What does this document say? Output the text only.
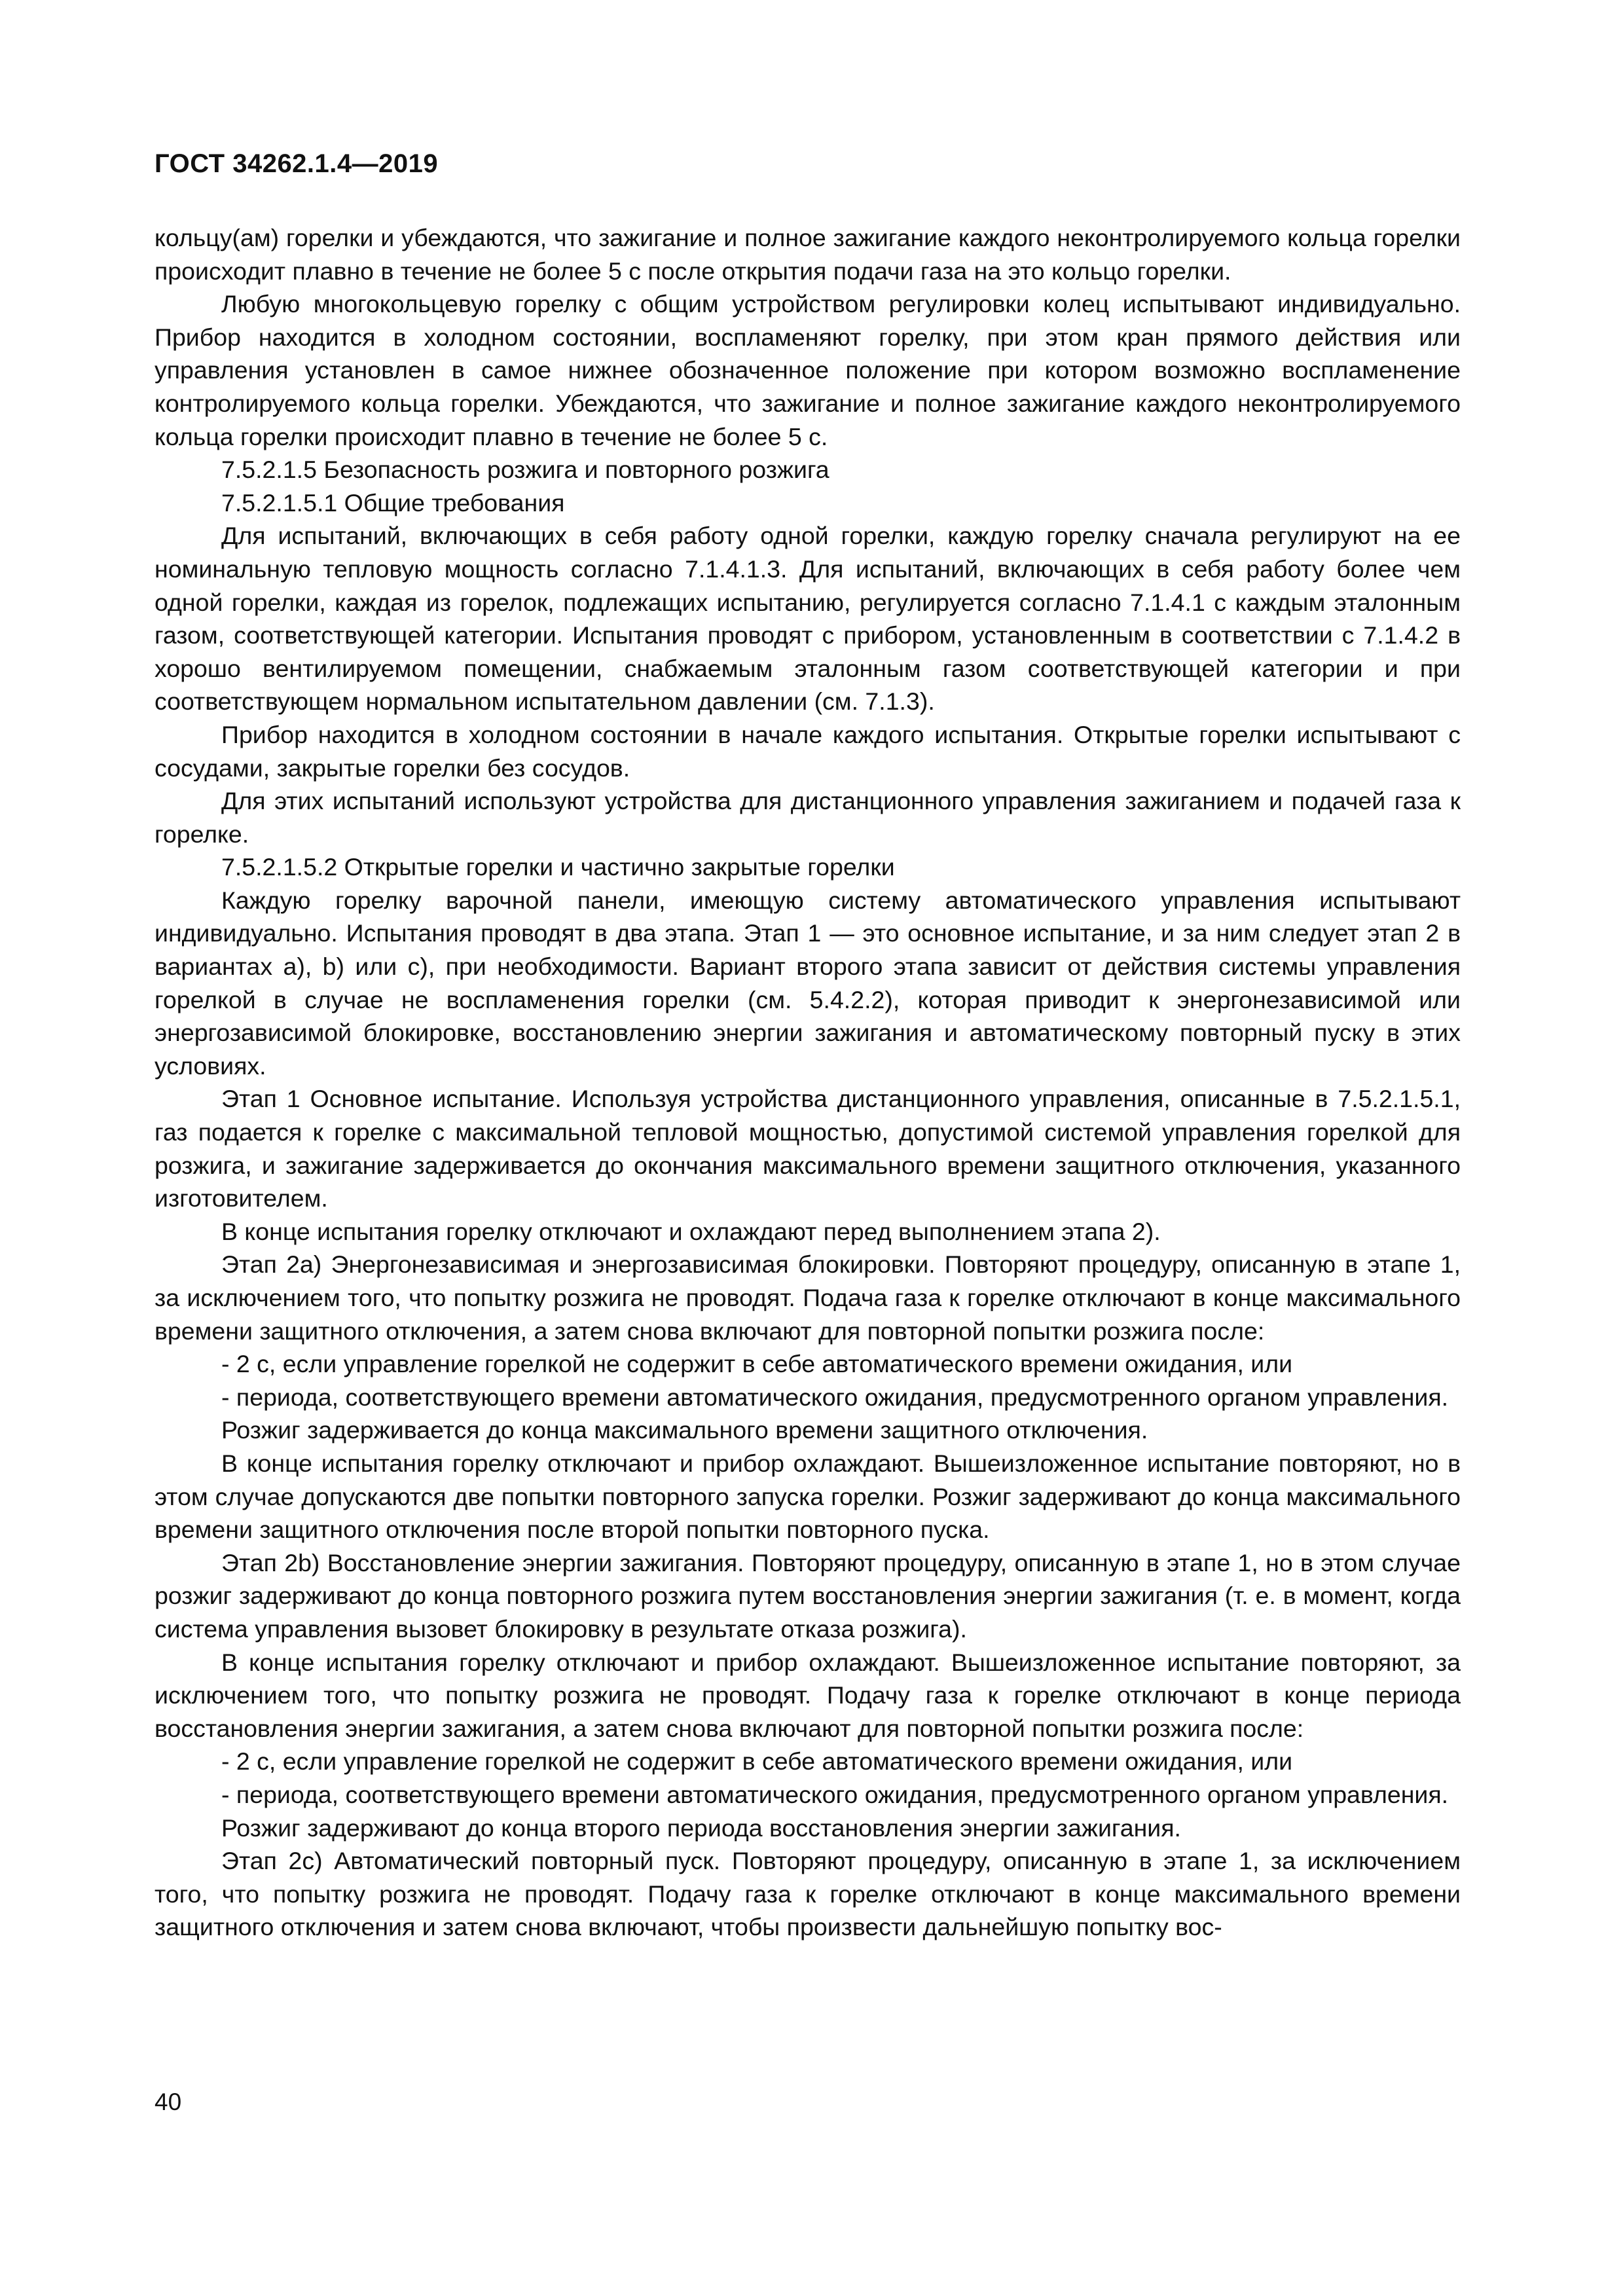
ГОСТ 34262.1.4—2019

кольцу(ам) горелки и убеждаются, что зажигание и полное зажигание каждого неконтролируемого кольца горелки происходит плавно в течение не более 5 с после открытия подачи газа на это кольцо горелки.

Любую многокольцевую горелку с общим устройством регулировки колец испытывают индивидуально. Прибор находится в холодном состоянии, воспламеняют горелку, при этом кран прямого действия или управления установлен в самое нижнее обозначенное положение при котором возможно воспламенение контролируемого кольца горелки. Убеждаются, что зажигание и полное зажигание каждого неконтролируемого кольца горелки происходит плавно в течение не более 5 с.

7.5.2.1.5 Безопасность розжига и повторного розжига

7.5.2.1.5.1 Общие требования

Для испытаний, включающих в себя работу одной горелки, каждую горелку сначала регулируют на ее номинальную тепловую мощность согласно 7.1.4.1.3. Для испытаний, включающих в себя работу более чем одной горелки, каждая из горелок, подлежащих испытанию, регулируется согласно 7.1.4.1 с каждым эталонным газом, соответствующей категории. Испытания проводят с прибором, установленным в соответствии с 7.1.4.2 в хорошо вентилируемом помещении, снабжаемым эталонным газом соответствующей категории и при соответствующем нормальном испытательном давлении (см. 7.1.3).

Прибор находится в холодном состоянии в начале каждого испытания. Открытые горелки испытывают с сосудами, закрытые горелки без сосудов.

Для этих испытаний используют устройства для дистанционного управления зажиганием и подачей газа к горелке.

7.5.2.1.5.2 Открытые горелки и частично закрытые горелки

Каждую горелку варочной панели, имеющую систему автоматического управления испытывают индивидуально. Испытания проводят в два этапа. Этап 1 — это основное испытание, и за ним следует этап 2 в вариантах а), b) или с), при необходимости. Вариант второго этапа зависит от действия системы управления горелкой в случае не воспламенения горелки (см. 5.4.2.2), которая приводит к энергонезависимой или энергозависимой блокировке, восстановлению энергии зажигания и автоматическому повторный пуску в этих условиях.

Этап 1 Основное испытание. Используя устройства дистанционного управления, описанные в 7.5.2.1.5.1, газ подается к горелке с максимальной тепловой мощностью, допустимой системой управления горелкой для розжига, и зажигание задерживается до окончания максимального времени защитного отключения, указанного изготовителем.

В конце испытания горелку отключают и охлаждают перед выполнением этапа 2).

Этап 2а) Энергонезависимая и энергозависимая блокировки. Повторяют процедуру, описанную в этапе 1, за исключением того, что попытку розжига не проводят. Подача газа к горелке отключают в конце максимального времени защитного отключения, а затем снова включают для повторной попытки розжига после:

- 2 с, если управление горелкой не содержит в себе автоматического времени ожидания, или

- периода, соответствующего времени автоматического ожидания, предусмотренного органом управления.

Розжиг задерживается до конца максимального времени защитного отключения.

В конце испытания горелку отключают и прибор охлаждают. Вышеизложенное испытание повторяют, но в этом случае допускаются две попытки повторного запуска горелки. Розжиг задерживают до конца максимального времени защитного отключения после второй попытки повторного пуска.

Этап 2b) Восстановление энергии зажигания. Повторяют процедуру, описанную в этапе 1, но в этом случае розжиг задерживают до конца повторного розжига путем восстановления энергии зажигания (т. е. в момент, когда система управления вызовет блокировку в результате отказа розжига).

В конце испытания горелку отключают и прибор охлаждают. Вышеизложенное испытание повторяют, за исключением того, что попытку розжига не проводят. Подачу газа к горелке отключают в конце периода восстановления энергии зажигания, а затем снова включают для повторной попытки розжига после:

- 2 с, если управление горелкой не содержит в себе автоматического времени ожидания, или

- периода, соответствующего времени автоматического ожидания, предусмотренного органом управления.

Розжиг задерживают до конца второго периода восстановления энергии зажигания.

Этап 2с) Автоматический повторный пуск. Повторяют процедуру, описанную в этапе 1, за исключением того, что попытку розжига не проводят. Подачу газа к горелке отключают в конце максимального времени защитного отключения и затем снова включают, чтобы произвести дальнейшую попытку вос-

40
